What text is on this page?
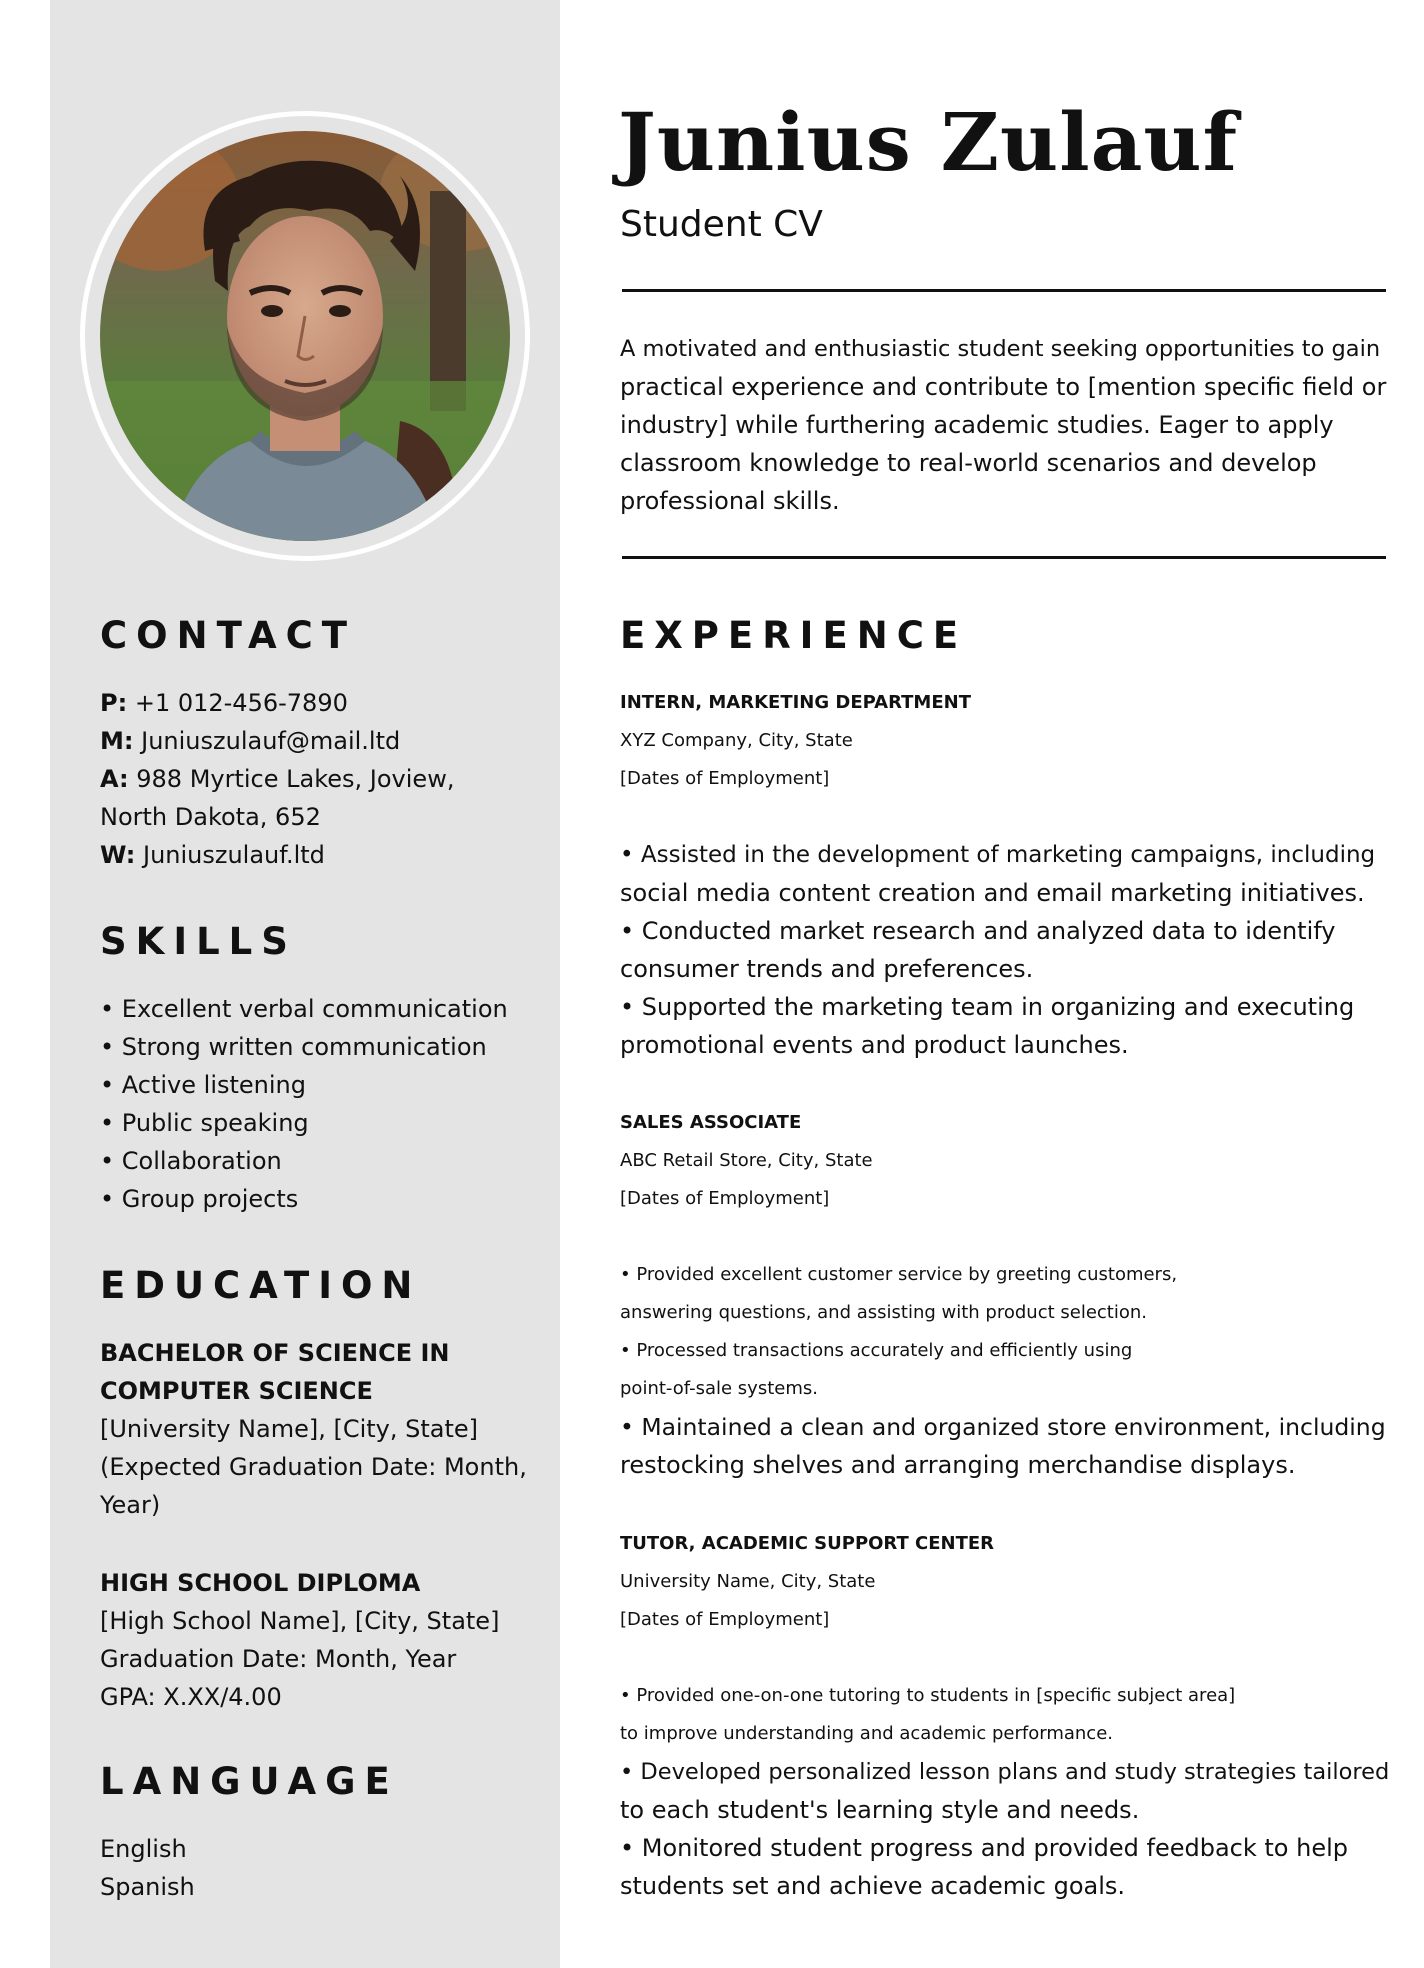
CONTACT
P: +1 012-456-7890
M: Juniuszulauf@mail.ltd
A: 988 Myrtice Lakes, Joview,
North Dakota, 652
W: Juniuszulauf.ltd
SKILLS
• Excellent verbal communication
• Strong written communication
• Active listening
• Public speaking
• Collaboration
• Group projects
EDUCATION
BACHELOR OF SCIENCE IN
COMPUTER SCIENCE
[University Name], [City, State]
(Expected Graduation Date: Month,
Year)
HIGH SCHOOL DIPLOMA
[High School Name], [City, State]
Graduation Date: Month, Year
GPA: X.XX/4.00
LANGUAGE
English
Spanish
Junius Zulauf
Student CV
A motivated and enthusiastic student seeking opportunities to gain
practical experience and contribute to [mention specific field or
industry] while furthering academic studies. Eager to apply
classroom knowledge to real-world scenarios and develop
professional skills.
EXPERIENCE
INTERN, MARKETING DEPARTMENT
XYZ Company, City, State
[Dates of Employment]
• Assisted in the development of marketing campaigns, including
social media content creation and email marketing initiatives.
• Conducted market research and analyzed data to identify
consumer trends and preferences.
• Supported the marketing team in organizing and executing
promotional events and product launches.
SALES ASSOCIATE
ABC Retail Store, City, State
[Dates of Employment]
• Provided excellent customer service by greeting customers,
answering questions, and assisting with product selection.
• Processed transactions accurately and efficiently using
point-of-sale systems.
• Maintained a clean and organized store environment, including
restocking shelves and arranging merchandise displays.
TUTOR, ACADEMIC SUPPORT CENTER
University Name, City, State
[Dates of Employment]
• Provided one-on-one tutoring to students in [specific subject area]
to improve understanding and academic performance.
• Developed personalized lesson plans and study strategies tailored
to each student's learning style and needs.
• Monitored student progress and provided feedback to help
students set and achieve academic goals.
